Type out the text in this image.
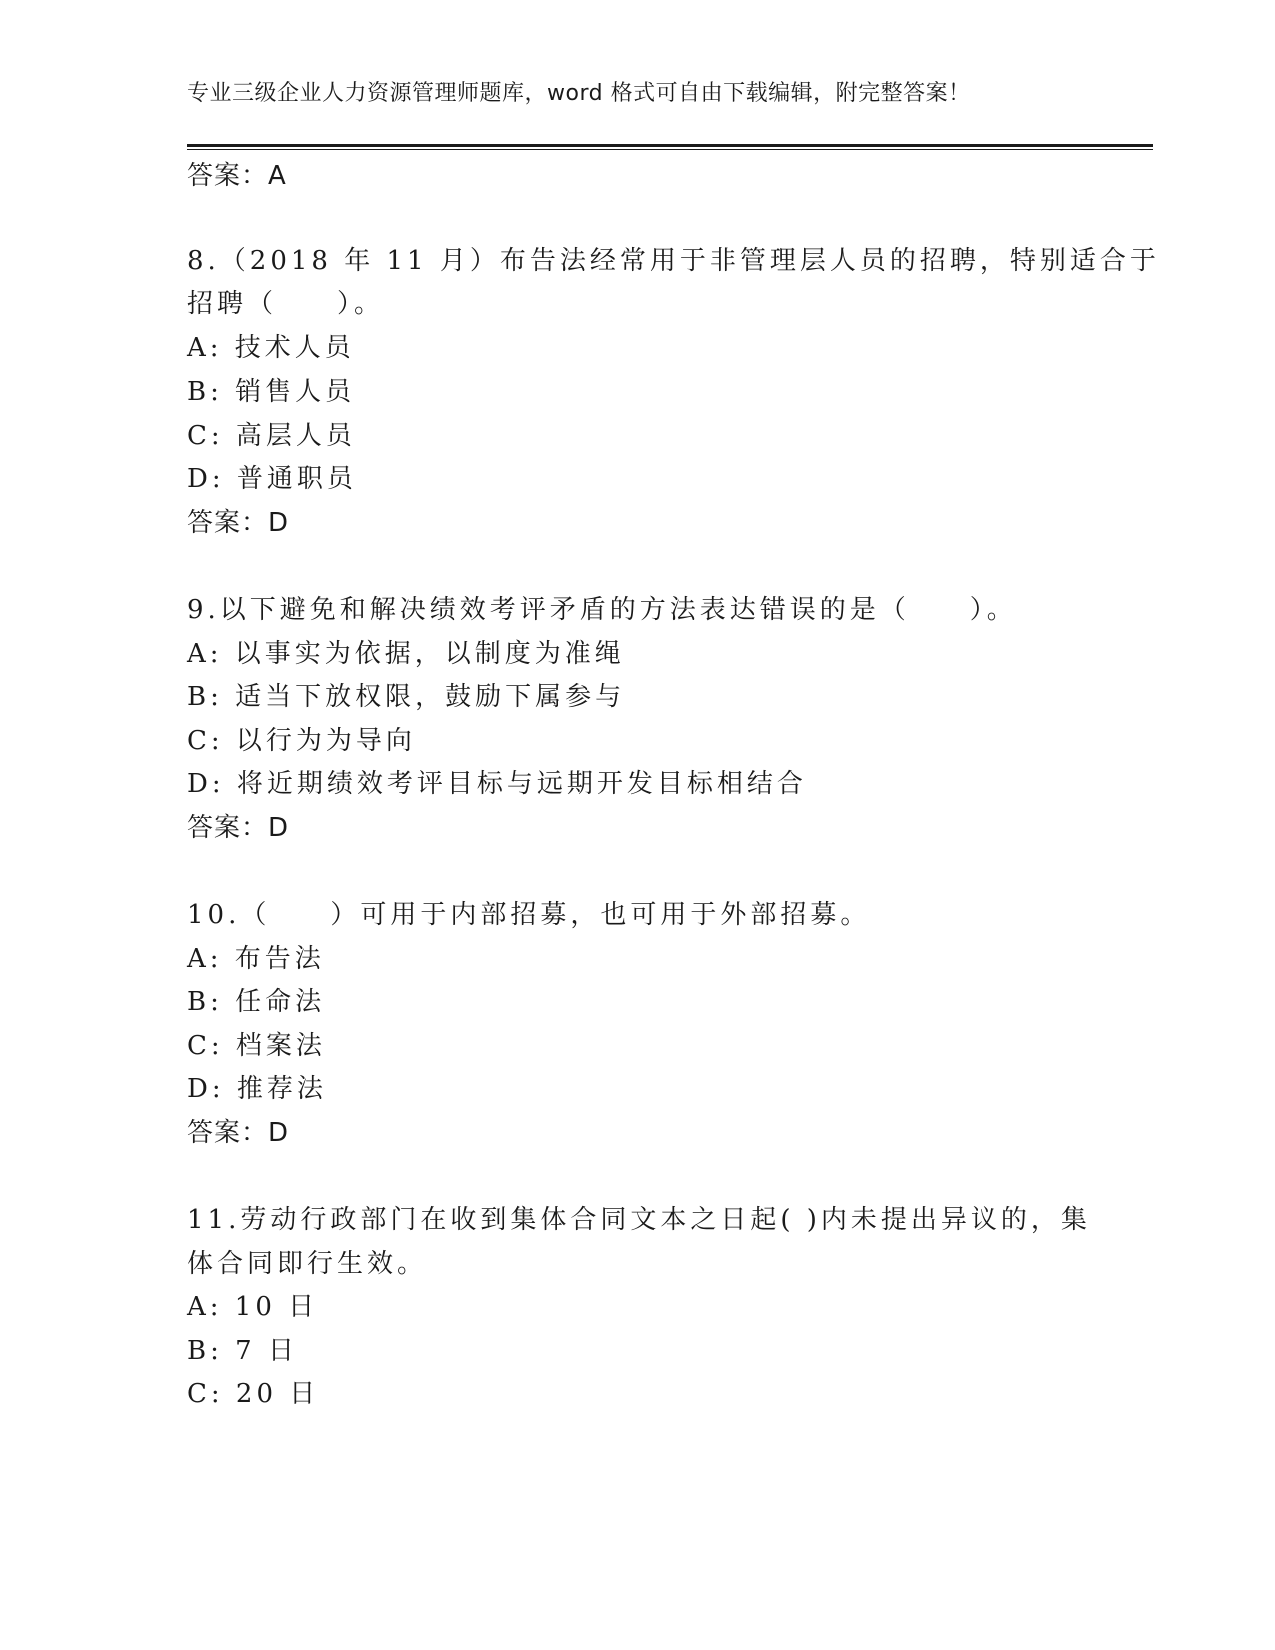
专业三级企业人力资源管理师题库，word 格式可自由下载编辑，附完整答案！
答案：A
8.（2018 年 11 月）布告法经常用于非管理层人员的招聘，特别适合于
招聘（　　）。
A: 技术人员
B: 销售人员
C: 高层人员
D: 普通职员
答案：D
9.以下避免和解决绩效考评矛盾的方法表达错误的是（　　）。
A: 以事实为依据，以制度为准绳
B: 适当下放权限，鼓励下属参与
C: 以行为为导向
D: 将近期绩效考评目标与远期开发目标相结合
答案：D
10.（　　）可用于内部招募，也可用于外部招募。
A: 布告法
B: 任命法
C: 档案法
D: 推荐法
答案：D
11.劳动行政部门在收到集体合同文本之日起( )内未提出异议的，集
体合同即行生效。
A: 10 日
B: 7 日
C: 20 日
